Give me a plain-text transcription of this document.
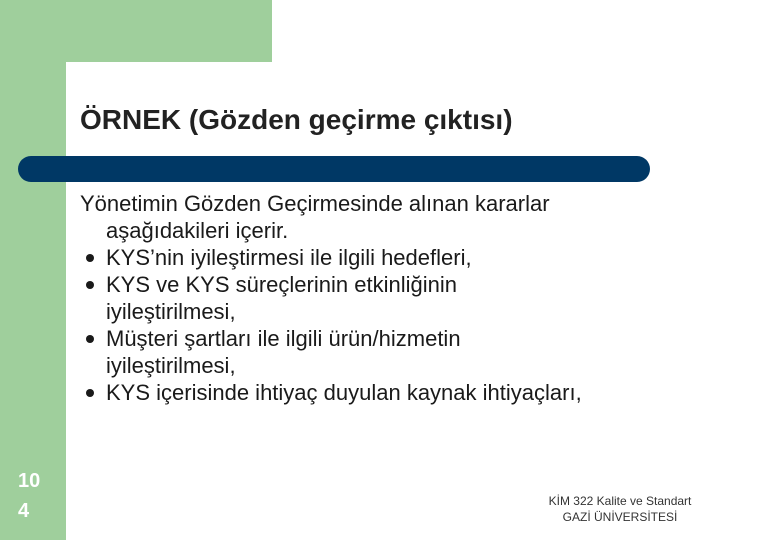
ÖRNEK (Gözden geçirme çıktısı)

Yönetimin Gözden Geçirmesinde alınan kararlar

aşağıdakileri içerir.

KYS’nin iyileştirmesi ile ilgili hedefleri,
KYS ve KYS süreçlerinin etkinliğinin
iyileştirilmesi,
Müşteri şartları ile ilgili ürün/hizmetin
iyileştirilmesi,
KYS içerisinde ihtiyaç duyulan kaynak ihtiyaçları,
10
4	KİM 322 Kalite ve Standart
GAZİ ÜNİVERSİTESİ
